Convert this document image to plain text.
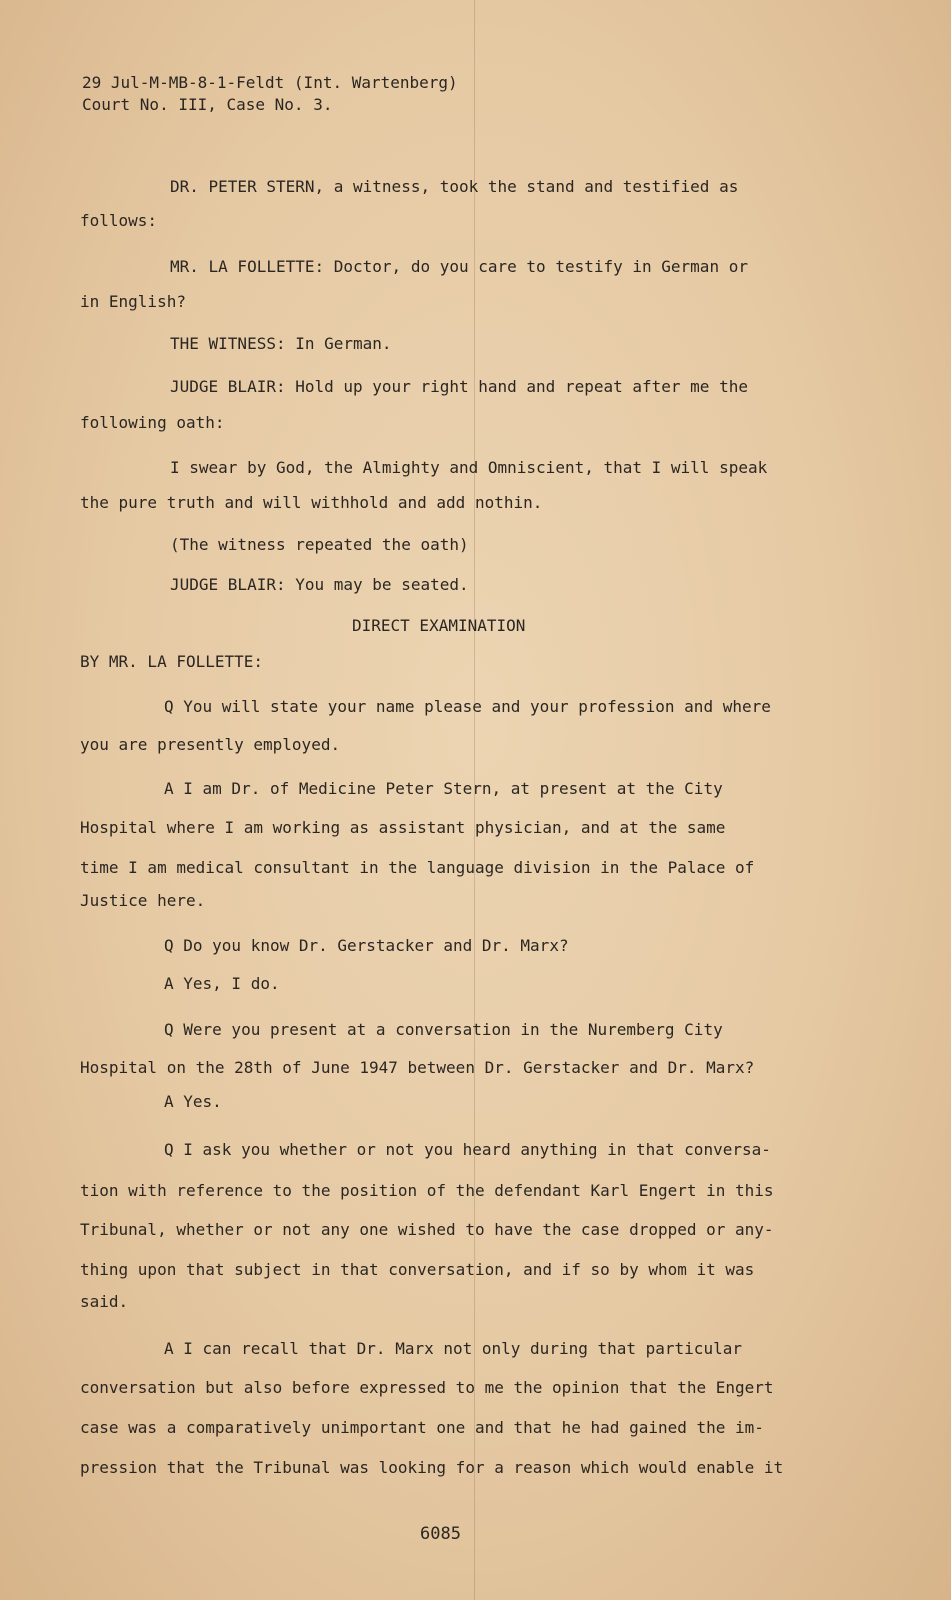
29 Jul-M-MB-8-1-Feldt (Int. Wartenberg)
Court No. III, Case No. 3.
DR. PETER STERN, a witness, took the stand and testified as
follows:
MR. LA FOLLETTE: Doctor, do you care to testify in German or
in English?
THE WITNESS: In German.
JUDGE BLAIR: Hold up your right hand and repeat after me the
following oath:
I swear by God, the Almighty and Omniscient, that I will speak
the pure truth and will withhold and add nothin.
(The witness repeated the oath)
JUDGE BLAIR: You may be seated.
DIRECT EXAMINATION
BY MR. LA FOLLETTE:
Q You will state your name please and your profession and where
you are presently employed.
A I am Dr. of Medicine Peter Stern, at present at the City
Hospital where I am working as assistant physician, and at the same
time I am medical consultant in the language division in the Palace of
Justice here.
Q Do you know Dr. Gerstacker and Dr. Marx?
A Yes, I do.
Q Were you present at a conversation in the Nuremberg City
Hospital on the 28th of June 1947 between Dr. Gerstacker and Dr. Marx?
A Yes.
Q I ask you whether or not you heard anything in that conversa-
tion with reference to the position of the defendant Karl Engert in this
Tribunal, whether or not any one wished to have the case dropped or any-
thing upon that subject in that conversation, and if so by whom it was
said.
A I can recall that Dr. Marx not only during that particular
conversation but also before expressed to me the opinion that the Engert
case was a comparatively unimportant one and that he had gained the im-
pression that the Tribunal was looking for a reason which would enable it
6085
